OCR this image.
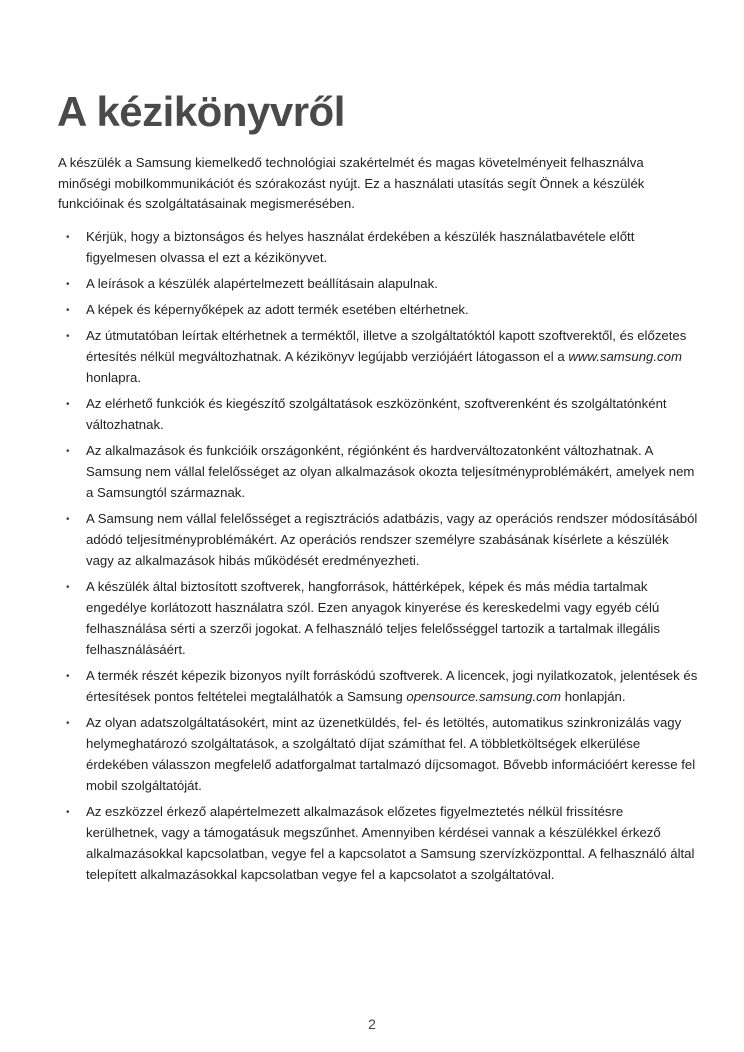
A kézikönyvről

A készülék a Samsung kiemelkedő technológiai szakértelmét és magas követelményeit felhasználva minőségi mobilkommunikációt és szórakozást nyújt. Ez a használati utasítás segít Önnek a készülék funkcióinak és szolgáltatásainak megismerésében.

• Kérjük, hogy a biztonságos és helyes használat érdekében a készülék használatbavétele előtt figyelmesen olvassa el ezt a kézikönyvet.
• A leírások a készülék alapértelmezett beállításain alapulnak.
• A képek és képernyőképek az adott termék esetében eltérhetnek.
• Az útmutatóban leírtak eltérhetnek a terméktől, illetve a szolgáltatóktól kapott szoftverektől, és előzetes értesítés nélkül megváltozhatnak. A kézikönyv legújabb verziójáért látogasson el a www.samsung.com honlapra.
• Az elérhető funkciók és kiegészítő szolgáltatások eszközönként, szoftverenként és szolgáltatónként változhatnak.
• Az alkalmazások és funkcióik országonként, régiónként és hardverváltozatonként változhatnak. A Samsung nem vállal felelősséget az olyan alkalmazások okozta teljesítményproblémákért, amelyek nem a Samsungtól származnak.
• A Samsung nem vállal felelősséget a regisztrációs adatbázis, vagy az operációs rendszer módosításából adódó teljesítményproblémákért. Az operációs rendszer személyre szabásának kísérlete a készülék vagy az alkalmazások hibás működését eredményezheti.
• A készülék által biztosított szoftverek, hangforrások, háttérképek, képek és más média tartalmak engedélye korlátozott használatra szól. Ezen anyagok kinyerése és kereskedelmi vagy egyéb célú felhasználása sérti a szerzői jogokat. A felhasználó teljes felelősséggel tartozik a tartalmak illegális felhasználásáért.
• A termék részét képezik bizonyos nyílt forráskódú szoftverek. A licencek, jogi nyilatkozatok, jelentések és értesítések pontos feltételei megtalálhatók a Samsung opensource.samsung.com honlapján.
• Az olyan adatszolgáltatásokért, mint az üzenetküldés, fel- és letöltés, automatikus szinkronizálás vagy helymeghatározó szolgáltatások, a szolgáltató díjat számíthat fel. A többletköltségek elkerülése érdekében válasszon megfelelő adatforgalmat tartalmazó díjcsomagot. Bővebb információért keresse fel mobil szolgáltatóját.
• Az eszközzel érkező alapértelmezett alkalmazások előzetes figyelmeztetés nélkül frissítésre kerülhetnek, vagy a támogatásuk megszűnhet. Amennyiben kérdései vannak a készülékkel érkező alkalmazásokkal kapcsolatban, vegye fel a kapcsolatot a Samsung szervízközponttal. A felhasználó által telepített alkalmazásokkal kapcsolatban vegye fel a kapcsolatot a szolgáltatóval.
2
